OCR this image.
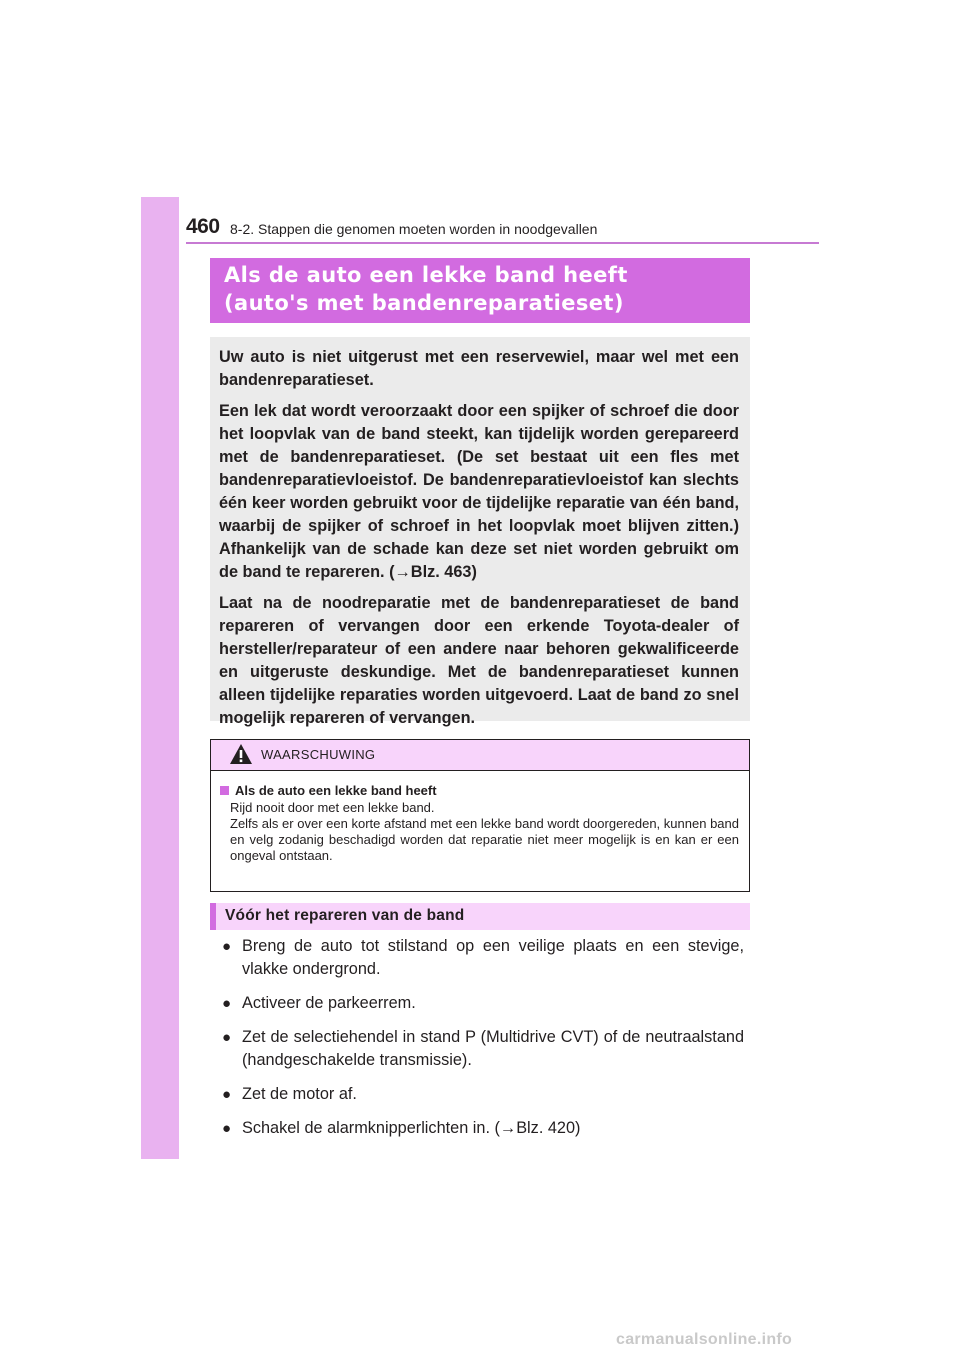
460 8-2. Stappen die genomen moeten worden in noodgevallen
Als de auto een lekke band heeft
(auto's met bandenreparatieset)

Uw auto is niet uitgerust met een reservewiel, maar wel met een bandenreparatieset.

Een lek dat wordt veroorzaakt door een spijker of schroef die door het loopvlak van de band steekt, kan tijdelijk worden gerepareerd met de bandenreparatieset. (De set bestaat uit een fles met bandenreparatievloeistof. De bandenreparatievloeistof kan slechts één keer worden gebruikt voor de tijdelijke reparatie van één band, waarbij de spijker of schroef in het loopvlak moet blijven zitten.) Afhankelijk van de schade kan deze set niet worden gebruikt om de band te repareren. (→Blz. 463)

Laat na de noodreparatie met de bandenreparatieset de band repareren of vervangen door een erkende Toyota-dealer of hersteller/reparateur of een andere naar behoren gekwalificeerde en uitgeruste deskundige. Met de bandenreparatieset kunnen alleen tijdelijke reparaties worden uitgevoerd. Laat de band zo snel mogelijk repareren of vervangen.

WAARSCHUWING
Als de auto een lekke band heeft

Rijd nooit door met een lekke band.

Zelfs als er over een korte afstand met een lekke band wordt doorgereden, kunnen band en velg zodanig beschadigd worden dat reparatie niet meer mogelijk is en kan er een ongeval ontstaan.

Vóór het repareren van de band
● Breng de auto tot stilstand op een veilige plaats en een stevige, vlakke ondergrond.
● Activeer de parkeerrem.
● Zet de selectiehendel in stand P (Multidrive CVT) of de neutraalstand (handgeschakelde transmissie).
● Zet de motor af.
● Schakel de alarmknipperlichten in. (→Blz. 420)
carmanualsonline.info
